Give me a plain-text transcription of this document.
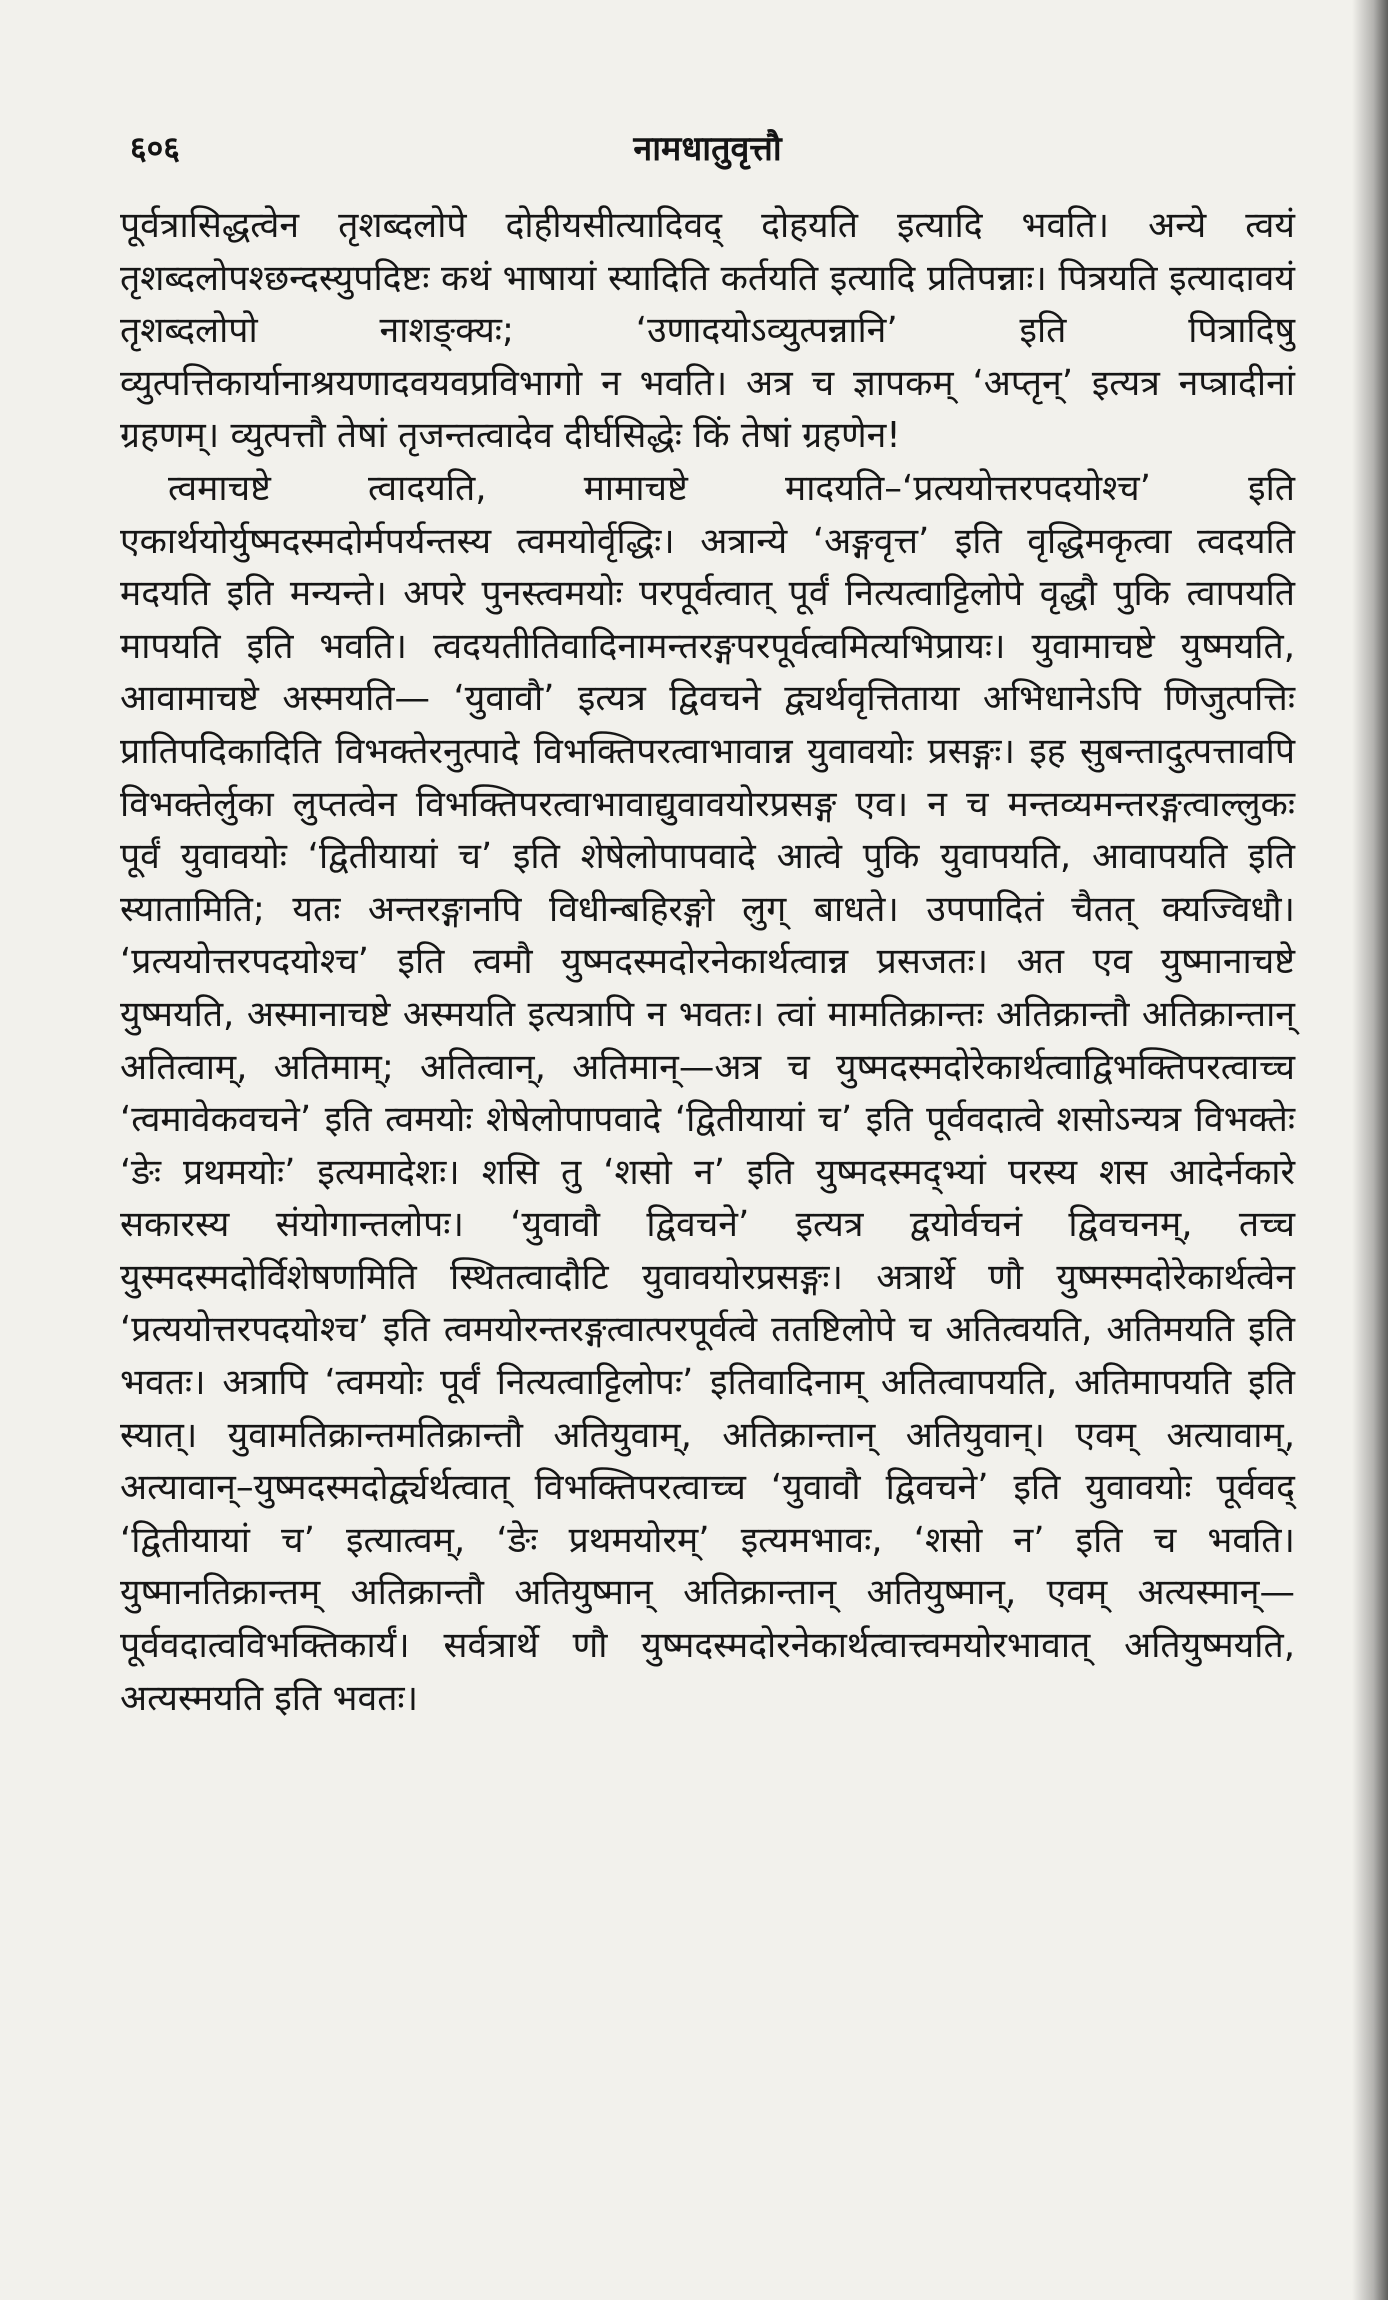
६०६	नामधातुवृत्तौ

पूर्वत्रासिद्धत्वेन तृशब्दलोपे दोहीयसीत्यादिवद् दोहयति इत्यादि भवति। अन्ये त्वयं तृशब्दलोपश्छन्दस्युपदिष्टः कथं भाषायां स्यादिति कर्तयति इत्यादि प्रतिपन्नाः। पित्रयति इत्यादावयं तृशब्दलोपो नाशङ्क्यः; ‘उणादयोऽव्युत्पन्नानि’ इति पित्रादिषु व्युत्पत्तिकार्यानाश्रयणादवयवप्रविभागो न भवति। अत्र च ज्ञापकम् ‘अप्तृन्’ इत्यत्र नप्त्रादीनां ग्रहणम्। व्युत्पत्तौ तेषां तृजन्तत्वादेव दीर्घसिद्धेः किं तेषां ग्रहणेन!

त्वमाचष्टे त्वादयति, मामाचष्टे मादयति–‘प्रत्ययोत्तरपदयोश्च’ इति एकार्थयोर्युष्मदस्मदोर्मपर्यन्तस्य त्वमयोर्वृद्धिः। अत्रान्ये ‘अङ्गवृत्त’ इति वृद्धिमकृत्वा त्वदयति मदयति इति मन्यन्ते। अपरे पुनस्त्वमयोः परपूर्वत्वात् पूर्वं नित्यत्वाट्टिलोपे वृद्धौ पुकि त्वापयति मापयति इति भवति। त्वदयतीतिवादिनामन्तरङ्गपरपूर्वत्वमित्यभिप्रायः। युवामाचष्टे युष्मयति, आवामाचष्टे अस्मयति— ‘युवावौ’ इत्यत्र द्विवचने द्व्यर्थवृत्तिताया अभिधानेऽपि णिजुत्पत्तिः प्रातिपदिकादिति विभक्तेरनुत्पादे विभक्तिपरत्वाभावान्न युवावयोः प्रसङ्गः। इह सुबन्तादुत्पत्तावपि विभक्तेर्लुका लुप्तत्वेन विभक्तिपरत्वाभावाद्युवावयोरप्रसङ्ग एव। न च मन्तव्यमन्तरङ्गत्वाल्लुकः पूर्वं युवावयोः ‘द्वितीयायां च’ इति शेषेलोपापवादे आत्वे पुकि युवापयति, आवापयति इति स्यातामिति; यतः अन्तरङ्गानपि विधीन्बहिरङ्गो लुग् बाधते। उपपादितं चैतत् क्यज्विधौ। ‘प्रत्ययोत्तरपदयोश्च’ इति त्वमौ युष्मदस्मदोरनेकार्थत्वान्न प्रसजतः। अत एव युष्मानाचष्टे युष्मयति, अस्मानाचष्टे अस्मयति इत्यत्रापि न भवतः। त्वां मामतिक्रान्तः अतिक्रान्तौ अतिक्रान्तान् अतित्वाम्, अतिमाम्; अतित्वान्, अतिमान्—अत्र च युष्मदस्मदोरेकार्थत्वाद्विभक्तिपरत्वाच्च ‘त्वमावेकवचने’ इति त्वमयोः शेषेलोपापवादे ‘द्वितीयायां च’ इति पूर्ववदात्वे शसोऽन्यत्र विभक्तेः ‘ङेः प्रथमयोः’ इत्यमादेशः। शसि तु ‘शसो न’ इति युष्मदस्मद्भ्यां परस्य शस आदेर्नकारे सकारस्य संयोगान्तलोपः। ‘युवावौ द्विवचने’ इत्यत्र द्वयोर्वचनं द्विवचनम्, तच्च युस्मदस्मदोर्विशेषणमिति स्थितत्वादौटि युवावयोरप्रसङ्गः। अत्रार्थे णौ युष्मस्मदोरेकार्थत्वेन ‘प्रत्ययोत्तरपदयोश्च’ इति त्वमयोरन्तरङ्गत्वात्परपूर्वत्वे ततष्टिलोपे च अतित्वयति, अतिमयति इति भवतः। अत्रापि ‘त्वमयोः पूर्वं नित्यत्वाट्टिलोपः’ इतिवादिनाम् अतित्वापयति, अतिमापयति इति स्यात्। युवामतिक्रान्तमतिक्रान्तौ अतियुवाम्, अतिक्रान्तान् अतियुवान्। एवम् अत्यावाम्, अत्यावान्–युष्मदस्मदोर्द्व्यर्थत्वात् विभक्तिपरत्वाच्च ‘युवावौ द्विवचने’ इति युवावयोः पूर्ववद् ‘द्वितीयायां च’ इत्यात्वम्, ‘ङेः प्रथमयोरम्’ इत्यमभावः, ‘शसो न’ इति च भवति। युष्मानतिक्रान्तम् अतिक्रान्तौ अतियुष्मान् अतिक्रान्तान् अतियुष्मान्, एवम् अत्यस्मान्—पूर्ववदात्वविभक्तिकार्यं। सर्वत्रार्थे णौ युष्मदस्मदोरनेकार्थत्वात्त्वमयोरभावात् अतियुष्मयति, अत्यस्मयति इति भवतः।
